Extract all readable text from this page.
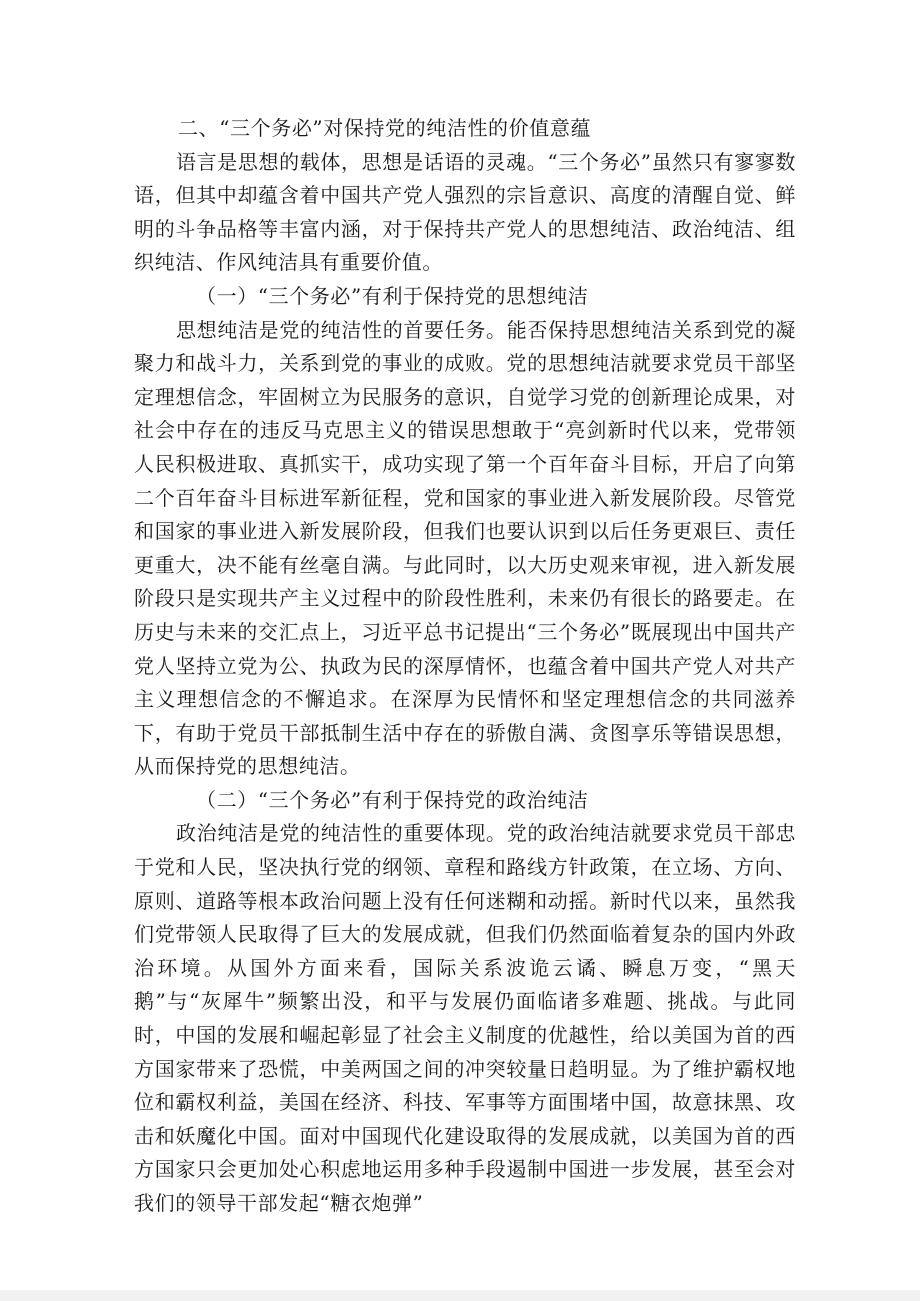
二、“三个务必”对保持党的纯洁性的价值意蕴

语言是思想的载体，思想是话语的灵魂。“三个务必”虽然只有寥寥数语，但其中却蕴含着中国共产党人强烈的宗旨意识、高度的清醒自觉、鲜明的斗争品格等丰富内涵，对于保持共产党人的思想纯洁、政治纯洁、组织纯洁、作风纯洁具有重要价值。

（一）“三个务必”有利于保持党的思想纯洁

思想纯洁是党的纯洁性的首要任务。能否保持思想纯洁关系到党的凝聚力和战斗力，关系到党的事业的成败。党的思想纯洁就要求党员干部坚定理想信念，牢固树立为民服务的意识，自觉学习党的创新理论成果，对社会中存在的违反马克思主义的错误思想敢于“亮剑新时代以来，党带领人民积极进取、真抓实干，成功实现了第一个百年奋斗目标，开启了向第二个百年奋斗目标进军新征程，党和国家的事业进入新发展阶段。尽管党和国家的事业进入新发展阶段，但我们也要认识到以后任务更艰巨、责任更重大，决不能有丝毫自满。与此同时，以大历史观来审视，进入新发展阶段只是实现共产主义过程中的阶段性胜利，未来仍有很长的路要走。在历史与未来的交汇点上，习近平总书记提出“三个务必”既展现出中国共产党人坚持立党为公、执政为民的深厚情怀，也蕴含着中国共产党人对共产主义理想信念的不懈追求。在深厚为民情怀和坚定理想信念的共同滋养下，有助于党员干部抵制生活中存在的骄傲自满、贪图享乐等错误思想，从而保持党的思想纯洁。

（二）“三个务必”有利于保持党的政治纯洁

政治纯洁是党的纯洁性的重要体现。党的政治纯洁就要求党员干部忠于党和人民，坚决执行党的纲领、章程和路线方针政策，在立场、方向、原则、道路等根本政治问题上没有任何迷糊和动摇。新时代以来，虽然我们党带领人民取得了巨大的发展成就，但我们仍然面临着复杂的国内外政治环境。从国外方面来看，国际关系波诡云谲、瞬息万变，“黑天鹅”与“灰犀牛”频繁出没，和平与发展仍面临诸多难题、挑战。与此同时，中国的发展和崛起彰显了社会主义制度的优越性，给以美国为首的西方国家带来了恐慌，中美两国之间的冲突较量日趋明显。为了维护霸权地位和霸权利益，美国在经济、科技、军事等方面围堵中国，故意抹黑、攻击和妖魔化中国。面对中国现代化建设取得的发展成就，以美国为首的西方国家只会更加处心积虑地运用多种手段遏制中国进一步发展，甚至会对我们的领导干部发起“糖衣炮弹”
